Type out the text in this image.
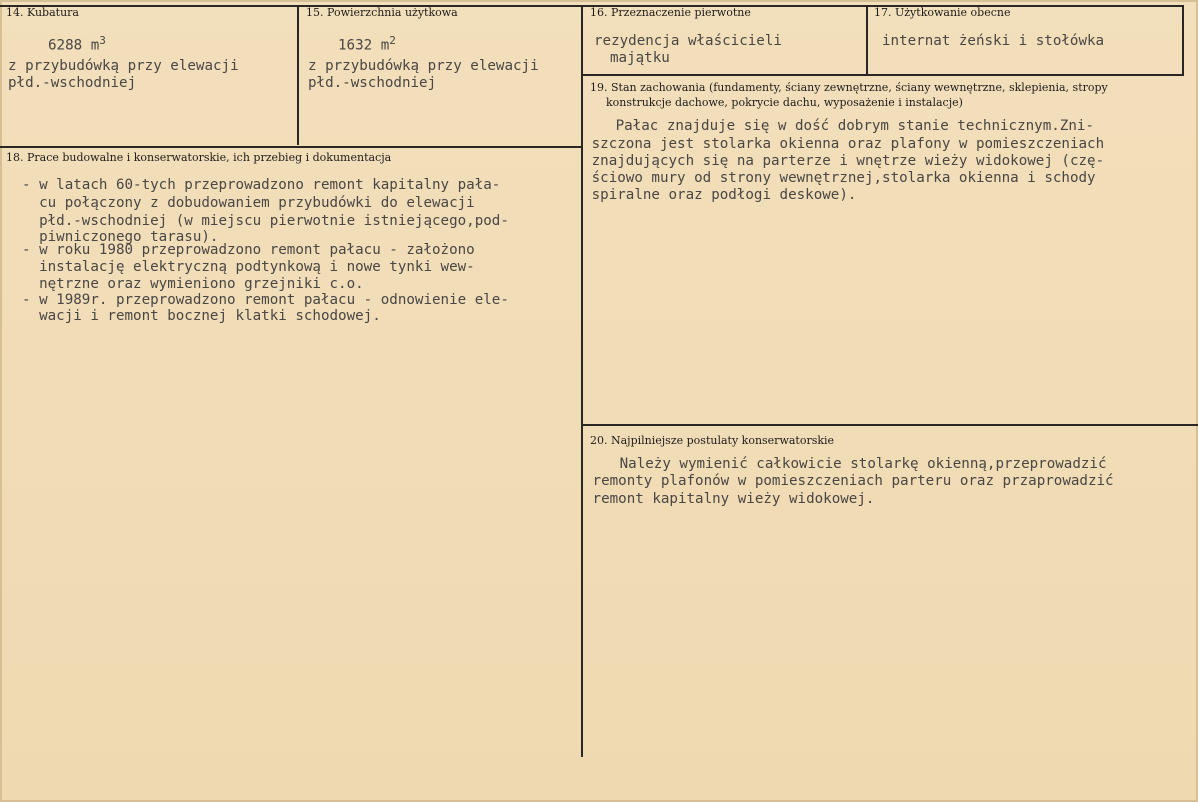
14. Kubatura
6288 $m^3$
z przybudówką przy elewacji
płd.-wschodniej
15. Powierzchnia użytkowa
1632 $m^2$
z przybudówką przy elewacji
płd.-wschodniej
16. Przeznaczenie pierwotne
rezydencja właścicieli
majątku
17. Użytkowanie obecne
internat żeński i stołówka
18. Prace budowalne i konserwatorskie, ich przebieg i dokumentacja
- w latach 60-tych przeprowadzono remont kapitalny pała-
cu połączony z dobudowaniem przybudówki do elewacji
płd.-wschodniej (w miejscu pierwotnie istniejącego,pod-
piwniczonego tarasu).
- w roku 1980 przeprowadzono remont pałacu - założono
instalację elektryczną podtynkową i nowe tynki wew-
nętrzne oraz wymieniono grzejniki c.o.
- w 1989r. przeprowadzono remont pałacu - odnowienie ele-
wacji i remont bocznej klatki schodowej.
19. Stan zachowania (fundamenty, ściany zewnętrzne, ściany wewnętrzne, sklepienia, stropy
konstrukcje dachowe, pokrycie dachu, wyposażenie i instalacje)
Pałac znajduje się w dość dobrym stanie technicznym.Zni-
szczona jest stolarka okienna oraz plafony w pomieszczeniach
znajdujących się na parterze i wnętrze wieży widokowej (czę-
ściowo mury od strony wewnętrznej,stolarka okienna i schody
spiralne oraz podłogi deskowe).
20. Najpilniejsze postulaty konserwatorskie
Należy wymienić całkowicie stolarkę okienną,przeprowadzić
remonty plafonów w pomieszczeniach parteru oraz przaprowadzić
remont kapitalny wieży widokowej.
